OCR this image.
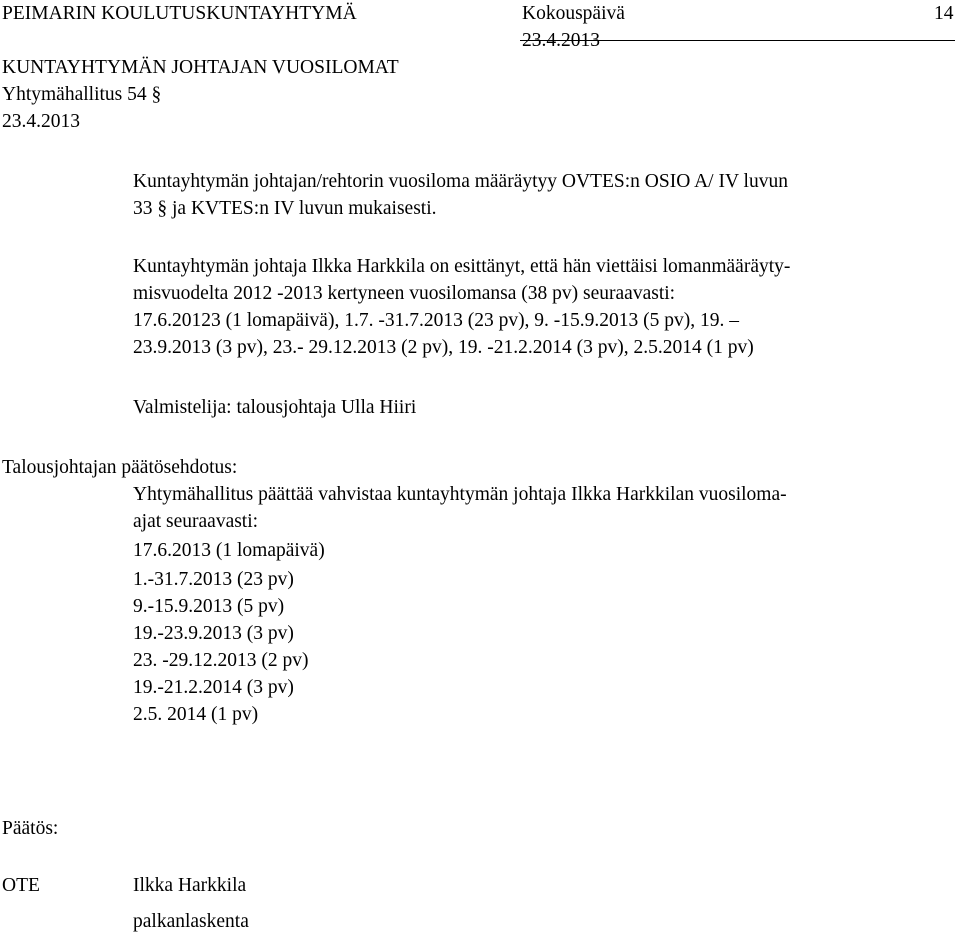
PEIMARIN KOULUTUSKUNTAYHTYMÄ	Kokouspäivä	14
23.4.2013
KUNTAYHTYMÄN JOHTAJAN VUOSILOMAT
Yhtymähallitus 54 §
23.4.2013
Kuntayhtymän johtajan/rehtorin vuosiloma määräytyy OVTES:n OSIO A/ IV luvun
33 § ja KVTES:n IV luvun mukaisesti.
Kuntayhtymän johtaja Ilkka Harkkila on esittänyt, että hän viettäisi lomanmääräyty-
misvuodelta 2012 -2013 kertyneen vuosilomansa (38 pv) seuraavasti:
17.6.20123 (1 lomapäivä), 1.7. -31.7.2013 (23 pv), 9. -15.9.2013 (5 pv), 19. –
23.9.2013 (3 pv), 23.- 29.12.2013 (2 pv), 19. -21.2.2014 (3 pv), 2.5.2014 (1 pv)
Valmistelija: talousjohtaja Ulla Hiiri
Talousjohtajan päätösehdotus:
Yhtymähallitus päättää vahvistaa kuntayhtymän johtaja Ilkka Harkkilan vuosiloma-
ajat seuraavasti:
17.6.2013 (1 lomapäivä)
1.-31.7.2013 (23 pv)
9.-15.9.2013 (5 pv)
19.-23.9.2013 (3 pv)
23. -29.12.2013 (2 pv)
19.-21.2.2014 (3 pv)
2.5. 2014 (1 pv)
Päätös:
OTE	Ilkka Harkkila
palkanlaskenta
